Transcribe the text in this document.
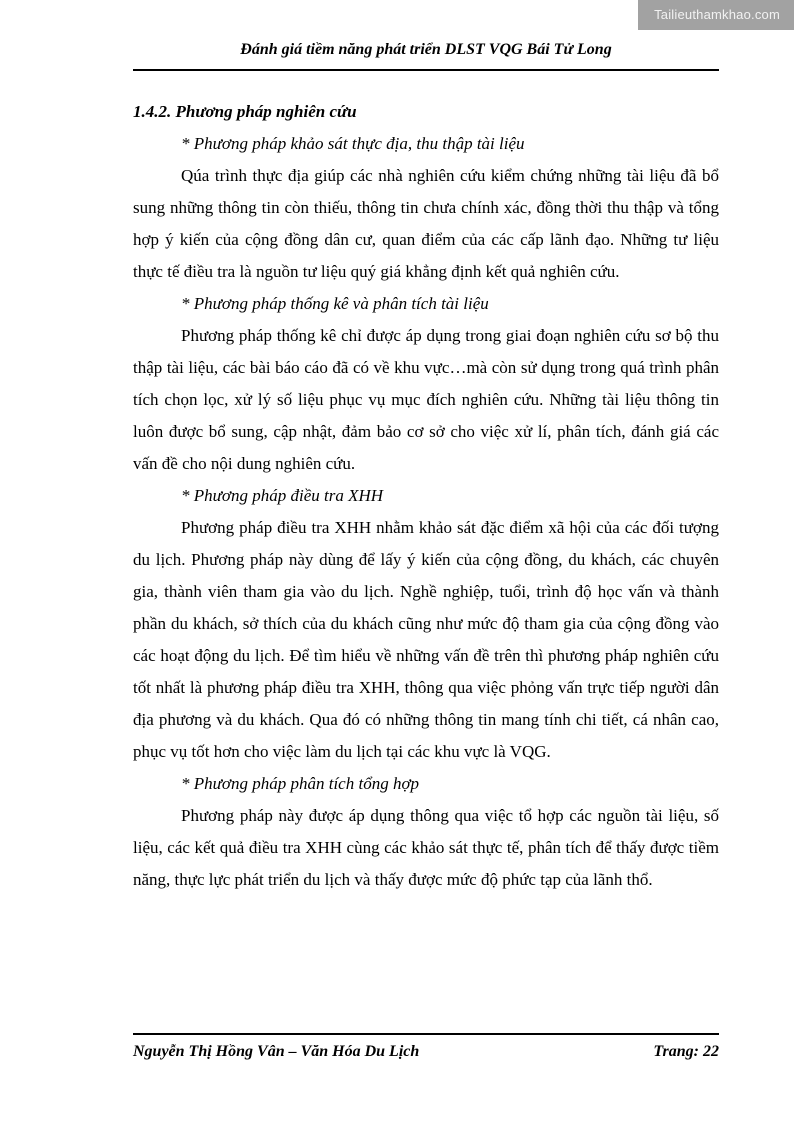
Tailieuthamkhao.com
Đánh giá tiềm năng phát triển DLST VQG Bái Tử Long

1.4.2. Phương pháp nghiên cứu

* Phương pháp khảo sát thực địa, thu thập tài liệu

Qúa trình thực địa giúp các nhà nghiên cứu kiểm chứng những tài liệu đã bổ sung những thông tin còn thiếu, thông tin chưa chính xác, đồng thời thu thập và tổng hợp ý kiến của cộng đồng dân cư, quan điểm của các cấp lãnh đạo. Những tư liệu thực tế điều tra là nguồn tư liệu quý giá khẳng định kết quả nghiên cứu.

* Phương pháp thống kê và phân tích tài liệu

Phương pháp thống kê chỉ được áp dụng trong giai đoạn nghiên cứu sơ bộ thu thập tài liệu, các bài báo cáo đã có về khu vực…mà còn sử dụng trong quá trình phân tích chọn lọc, xử lý số liệu phục vụ mục đích nghiên cứu. Những tài liệu thông tin luôn được bổ sung, cập nhật, đảm bảo cơ sở cho việc xử lí, phân tích, đánh giá các vấn đề cho nội dung nghiên cứu.

* Phương pháp điều tra XHH

Phương pháp điều tra XHH nhằm khảo sát đặc điểm xã hội của các đối tượng du lịch. Phương pháp này dùng để lấy ý kiến của cộng đồng, du khách, các chuyên gia, thành viên tham gia vào du lịch. Nghề nghiệp, tuổi, trình độ học vấn và thành phần du khách, sở thích của du khách cũng như mức độ tham gia của cộng đồng vào các hoạt động du lịch. Để tìm hiểu về những vấn đề trên thì phương pháp nghiên cứu tốt nhất là phương pháp điều tra XHH, thông qua việc phỏng vấn trực tiếp người dân địa phương và du khách. Qua đó có những thông tin mang tính chi tiết, cá nhân cao, phục vụ tốt hơn cho việc làm du lịch tại các khu vực là VQG.

* Phương pháp phân tích tổng hợp

Phương pháp này được áp dụng thông qua việc tổ hợp các nguồn tài liệu, số liệu, các kết quả điều tra XHH cùng các khảo sát thực tế, phân tích để thấy được tiềm năng, thực lực phát triển du lịch và thấy được mức độ phức tạp của lãnh thổ.

Nguyễn Thị Hồng Vân – Văn Hóa Du Lịch	Trang: 22
